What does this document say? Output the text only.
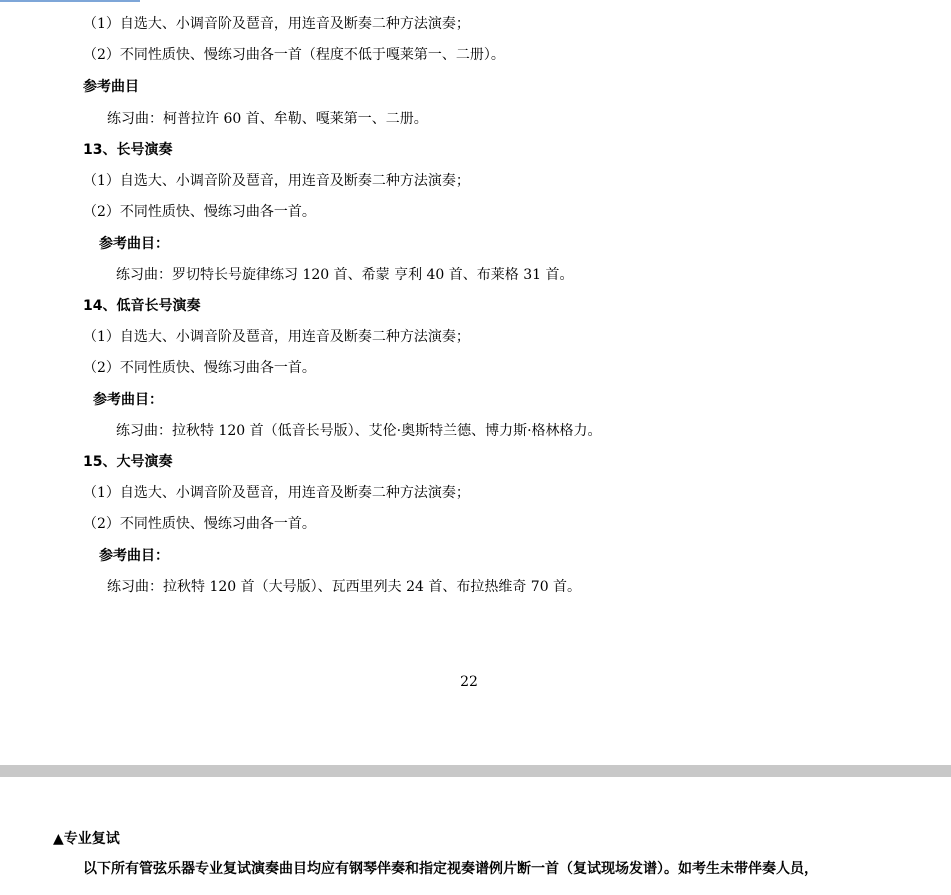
（1）自选大、小调音阶及琶音，用连音及断奏二种方法演奏；
（2）不同性质快、慢练习曲各一首（程度不低于嘎莱第一、二册）。
参考曲目
练习曲：柯普拉许 60 首、牟勒、嘎莱第一、二册。
13、长号演奏
（1）自选大、小调音阶及琶音，用连音及断奏二种方法演奏；
（2）不同性质快、慢练习曲各一首。
参考曲目：
练习曲：罗切特长号旋律练习 120 首、希蒙 亨利 40 首、布莱格 31 首。
14、低音长号演奏
（1）自选大、小调音阶及琶音，用连音及断奏二种方法演奏；
（2）不同性质快、慢练习曲各一首。
参考曲目：
练习曲：拉秋特 120 首（低音长号版）、艾伦·奥斯特兰德、博力斯·格林格力。
15、大号演奏
（1）自选大、小调音阶及琶音，用连音及断奏二种方法演奏；
（2）不同性质快、慢练习曲各一首。
参考曲目：
练习曲：拉秋特 120 首（大号版）、瓦西里列夫 24 首、布拉热维奇 70 首。
22
▲专业复试
以下所有管弦乐器专业复试演奏曲目均应有钢琴伴奏和指定视奏谱例片断一首（复试现场发谱）。如考生未带伴奏人员，
